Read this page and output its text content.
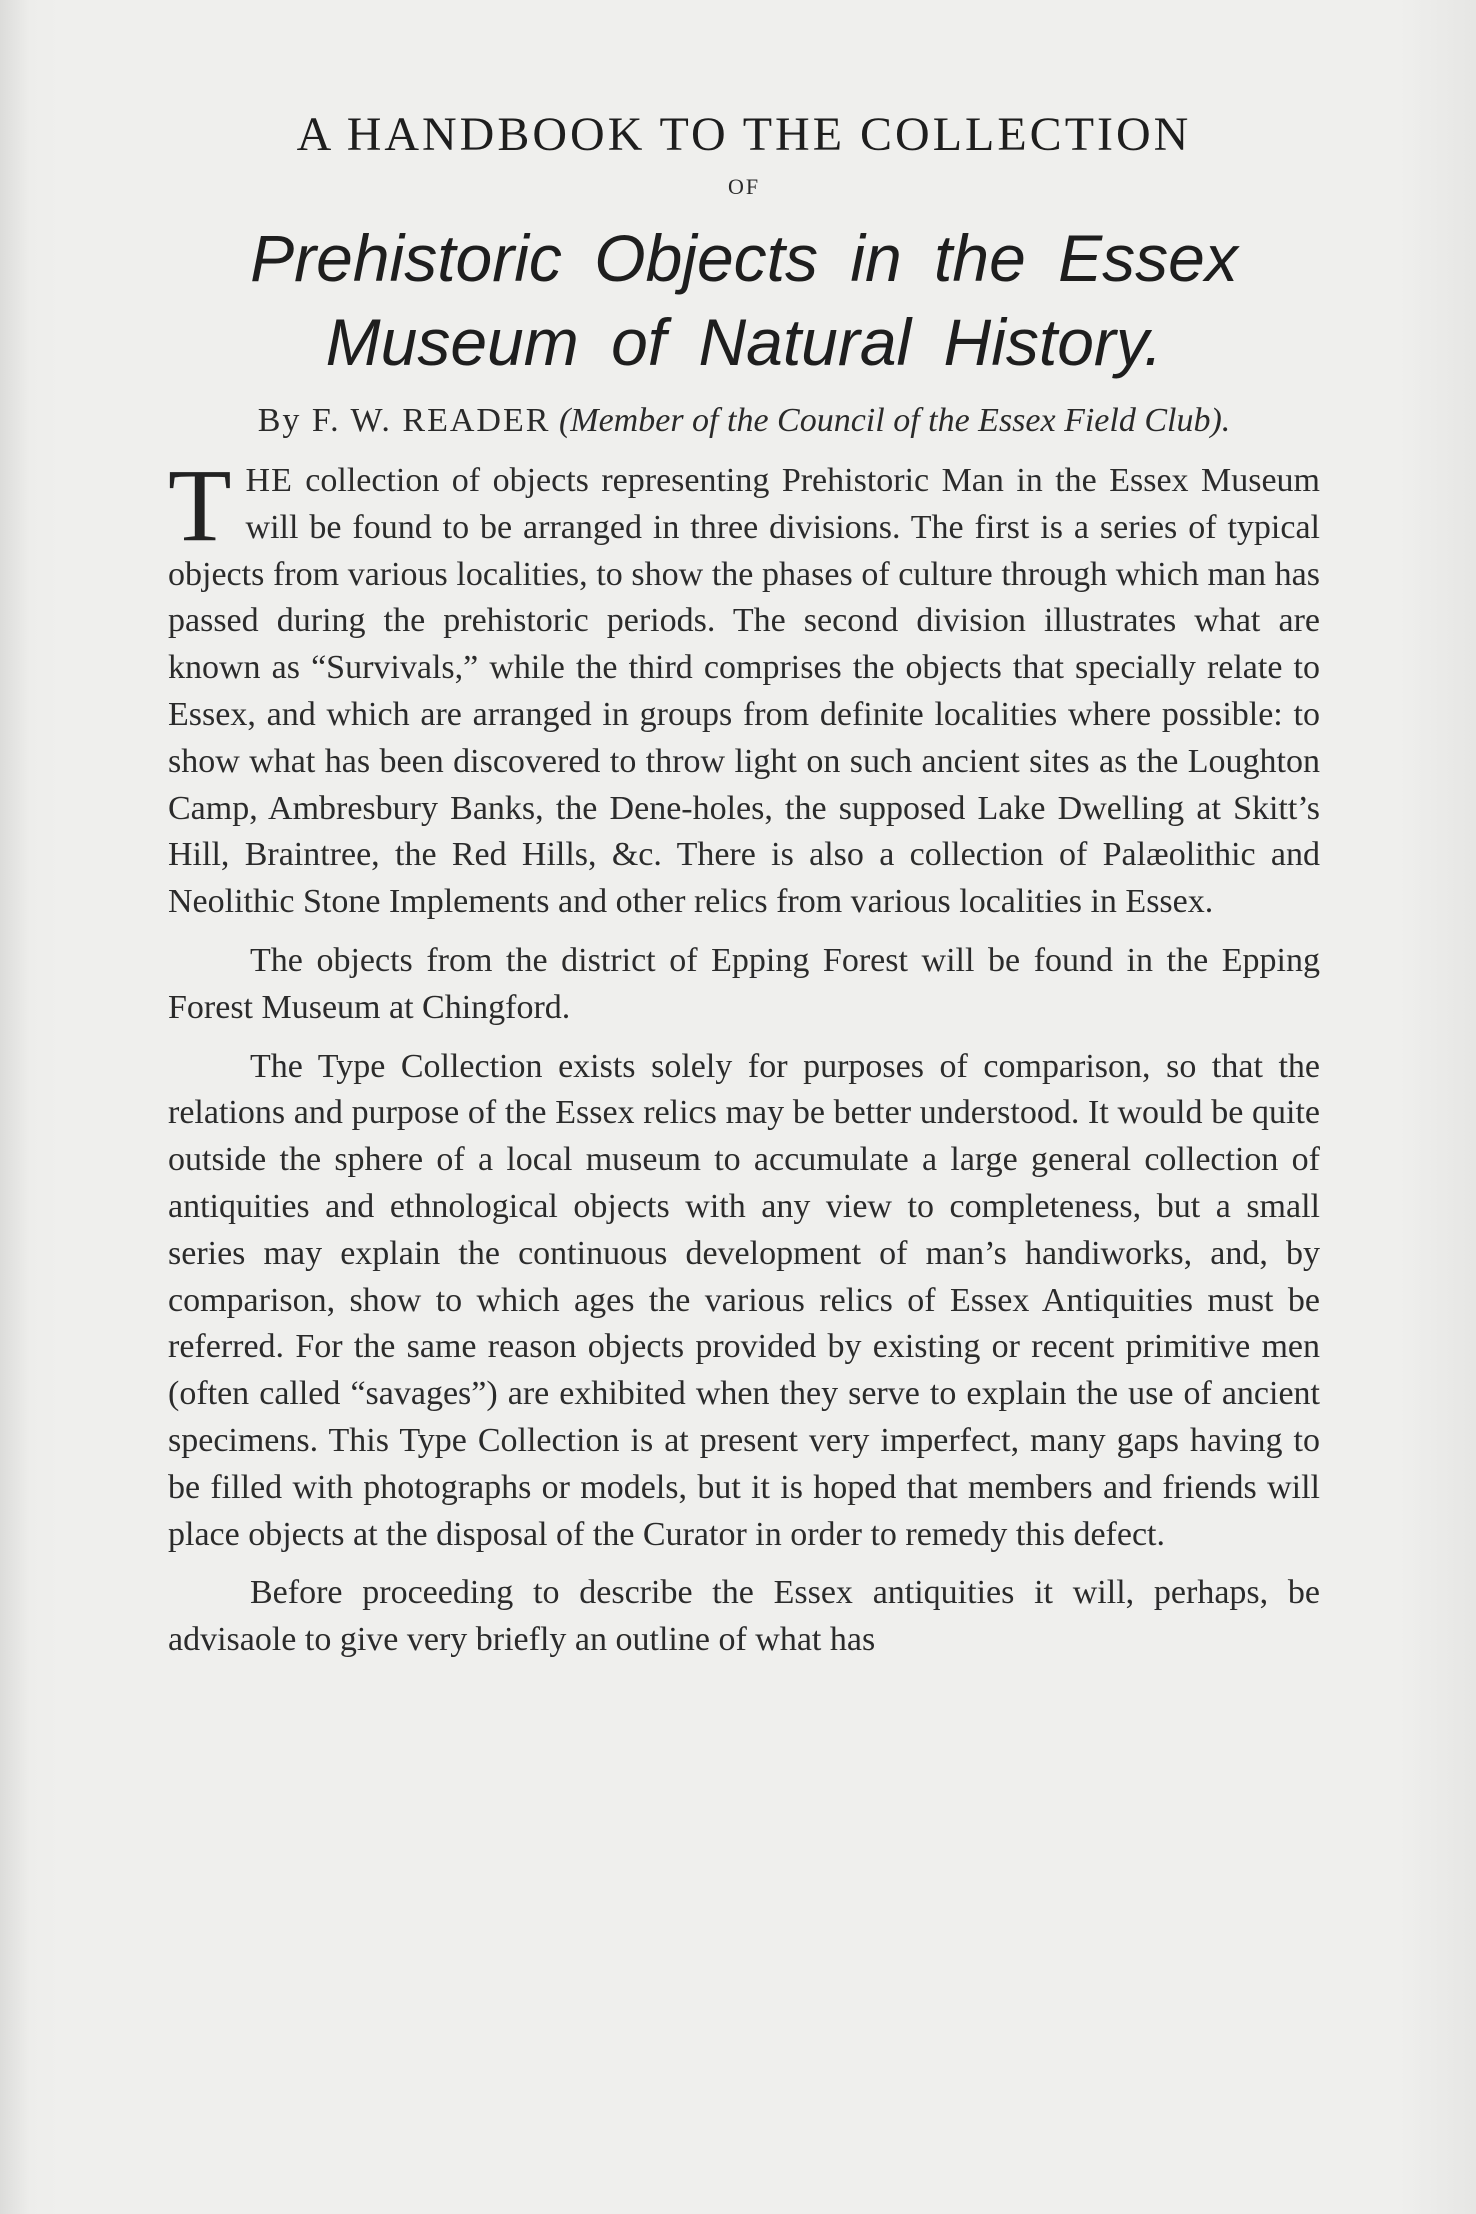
A HANDBOOK TO THE COLLECTION
OF
Prehistoric Objects in the Essex
Museum of Natural History.
By F. W. READER (Member of the Council of the Essex Field Club).

THE collection of objects representing Prehistoric Man in the Essex Museum will be found to be arranged in three divisions. The first is a series of typical objects from various localities, to show the phases of culture through which man has passed during the prehistoric periods. The second division illustrates what are known as “Survivals,” while the third comprises the objects that specially relate to Essex, and which are arranged in groups from definite localities where possible: to show what has been discovered to throw light on such ancient sites as the Loughton Camp, Ambresbury Banks, the Dene-holes, the supposed Lake Dwelling at Skitt’s Hill, Braintree, the Red Hills, &c. There is also a collection of Palæolithic and Neolithic Stone Implements and other relics from various localities in Essex.

The objects from the district of Epping Forest will be found in the Epping Forest Museum at Chingford.

The Type Collection exists solely for purposes of comparison, so that the relations and purpose of the Essex relics may be better understood. It would be quite outside the sphere of a local museum to accumulate a large general collection of antiquities and ethnological objects with any view to completeness, but a small series may explain the continuous development of man’s handiworks, and, by comparison, show to which ages the various relics of Essex Antiquities must be referred. For the same reason objects provided by existing or recent primitive men (often called “savages”) are exhibited when they serve to explain the use of ancient specimens. This Type Collection is at present very imperfect, many gaps having to be filled with photographs or models, but it is hoped that members and friends will place objects at the disposal of the Curator in order to remedy this defect.

Before proceeding to describe the Essex antiquities it will, perhaps, be advisaole to give very briefly an outline of what has
